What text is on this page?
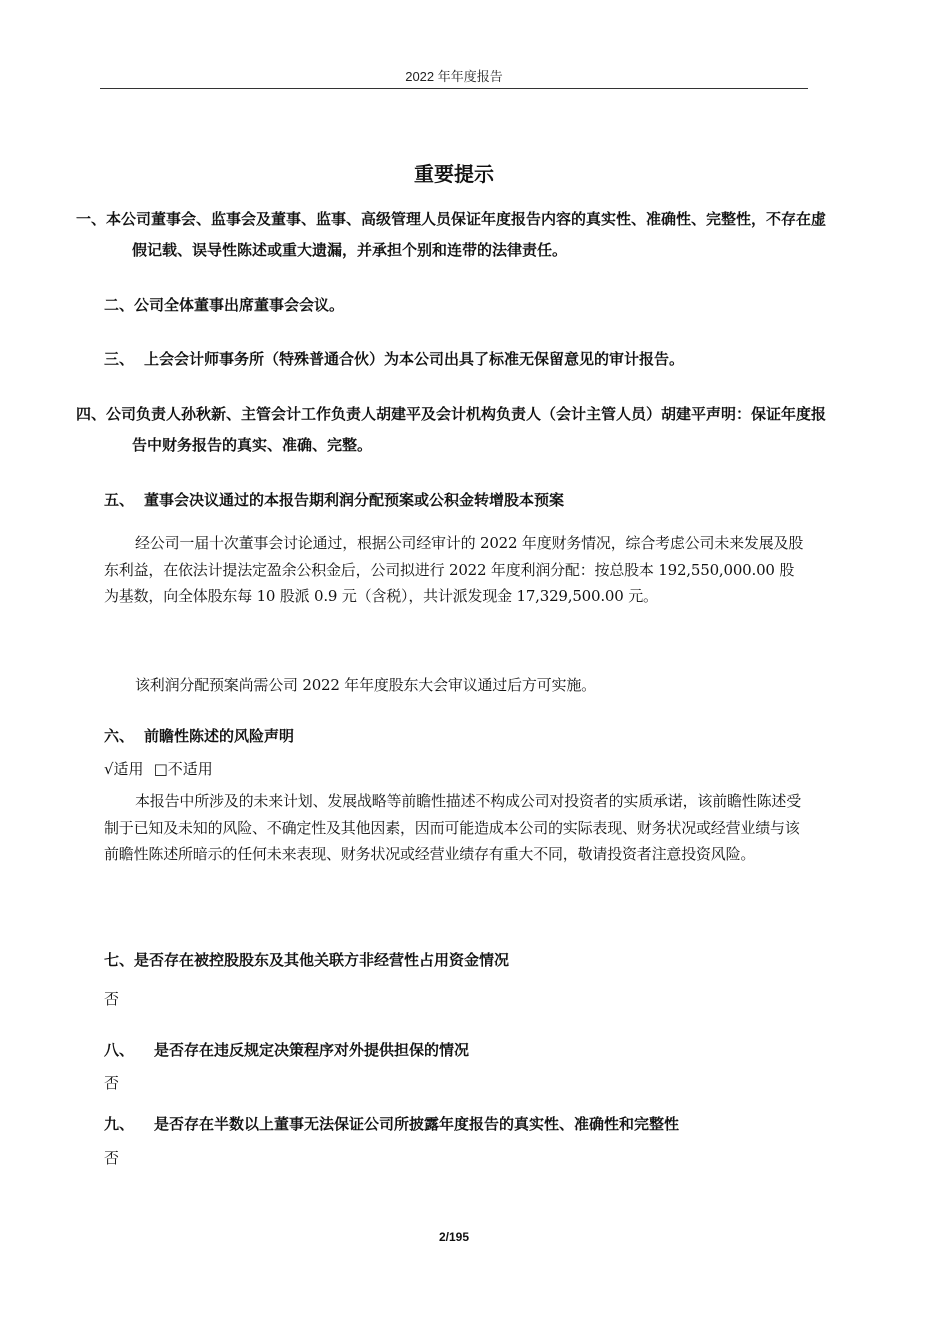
2022 年年度报告
重要提示
一、本公司董事会、监事会及董事、监事、高级管理人员保证年度报告内容的真实性、准确性、完整性，不存在虚假记载、误导性陈述或重大遗漏，并承担个别和连带的法律责任。
二、公司全体董事出席董事会会议。
三、 上会会计师事务所（特殊普通合伙）为本公司出具了标准无保留意见的审计报告。
四、公司负责人孙秋新、主管会计工作负责人胡建平及会计机构负责人（会计主管人员）胡建平声明：保证年度报告中财务报告的真实、准确、完整。
五、 董事会决议通过的本报告期利润分配预案或公积金转增股本预案
经公司一届十次董事会讨论通过，根据公司经审计的 2022 年度财务情况，综合考虑公司未来发展及股东利益，在依法计提法定盈余公积金后，公司拟进行 2022 年度利润分配：按总股本 192,550,000.00 股为基数，向全体股东每 10 股派 0.9 元（含税），共计派发现金 17,329,500.00 元。
该利润分配预案尚需公司 2022 年年度股东大会审议通过后方可实施。
六、 前瞻性陈述的风险声明
√适用 □不适用
本报告中所涉及的未来计划、发展战略等前瞻性描述不构成公司对投资者的实质承诺，该前瞻性陈述受制于已知及未知的风险、不确定性及其他因素，因而可能造成本公司的实际表现、财务状况或经营业绩与该前瞻性陈述所暗示的任何未来表现、财务状况或经营业绩存有重大不同，敬请投资者注意投资风险。
七、是否存在被控股股东及其他关联方非经营性占用资金情况
否
八、 是否存在违反规定决策程序对外提供担保的情况
否
九、 是否存在半数以上董事无法保证公司所披露年度报告的真实性、准确性和完整性
否
2/195
